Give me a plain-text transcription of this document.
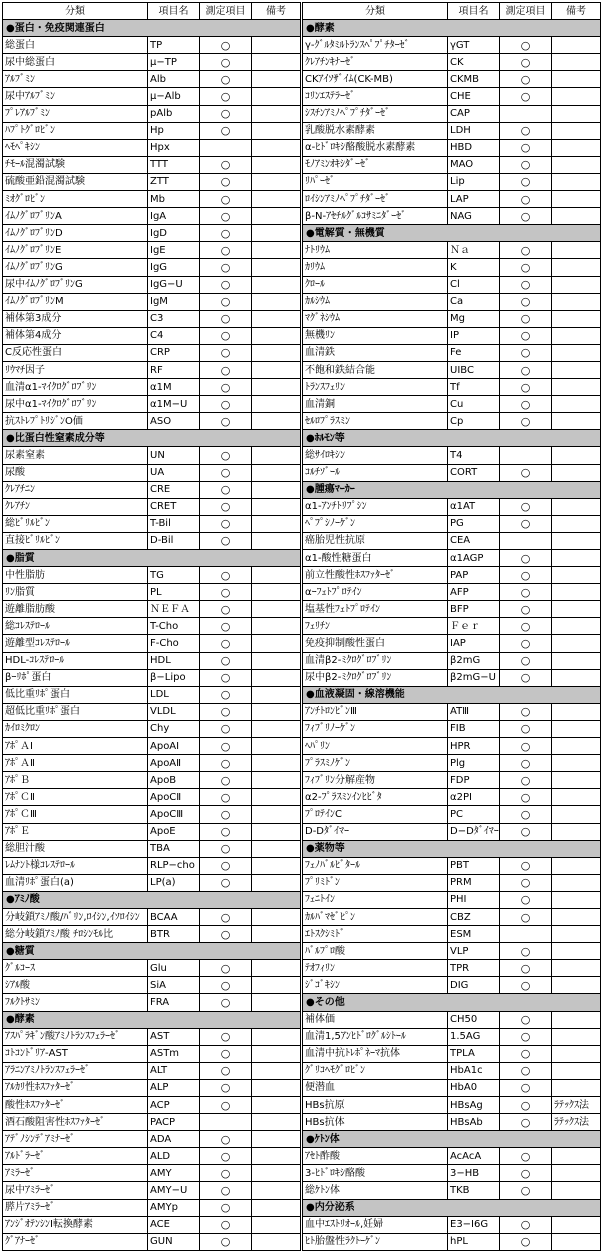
分類	項目名	測定項目	備考
●蛋白・免疫関連蛋白			
総蛋白	TP	○	
尿中総蛋白	μ−TP	○	
ｱﾙﾌﾞﾐﾝ	Alb	○	
尿中ｱﾙﾌﾞﾐﾝ	μ−Alb	○	
ﾌﾟﾚｱﾙﾌﾞﾐﾝ	pAlb	○	
ﾊﾌﾟﾄｸﾞﾛﾋﾞﾝ	Hp	○	
ﾍﾓﾍﾟｷｼﾝ	Hpx		
ﾁﾓｰﾙ混濁試験	TTT	○	
硫酸亜鉛混濁試験	ZTT	○	
ﾐｵｸﾞﾛﾋﾞﾝ	Mb	○	
ｲﾑﾉｸﾞﾛﾌﾞﾘﾝA	IgA	○	
ｲﾑﾉｸﾞﾛﾌﾞﾘﾝD	IgD	○	
ｲﾑﾉｸﾞﾛﾌﾞﾘﾝE	IgE	○	
ｲﾑﾉｸﾞﾛﾌﾞﾘﾝG	IgG	○	
尿中ｲﾑﾉｸﾞﾛﾌﾞﾘﾝG	IgG−U	○	
ｲﾑﾉｸﾞﾛﾌﾞﾘﾝM	IgM	○	
補体第3成分	C3	○	
補体第4成分	C4	○	
C反応性蛋白	CRP	○	
ﾘｳﾏﾁ因子	RF	○	
血清α1-ﾏｲｸﾛｸﾞﾛﾌﾞﾘﾝ	α1M	○	
尿中α1-ﾏｲｸﾛｸﾞﾛﾌﾞﾘﾝ	α1M−U	○	
抗ｽﾄﾚﾌﾟﾄﾘｼﾞﾝO価	ASO	○	
●比蛋白性窒素成分等			
尿素窒素	UN	○	
尿酸	UA	○	
ｸﾚｱﾁﾆﾝ	CRE	○	
ｸﾚｱﾁﾝ	CRET	○	
総ﾋﾞﾘﾙﾋﾞﾝ	T-Bil	○	
直接ﾋﾞﾘﾙﾋﾞﾝ	D-Bil	○	
●脂質			
中性脂肪	TG	○	
ﾘﾝ脂質	PL	○	
遊離脂肪酸	ＮＥＦＡ	○	
総ｺﾚｽﾃﾛｰﾙ	T-Cho	○	
遊離型ｺﾚｽﾃﾛｰﾙ	F-Cho	○	
HDL-ｺﾚｽﾃﾛｰﾙ	HDL	○	
βｰﾘﾎﾟ蛋白	β−Lipo	○	
低比重ﾘﾎﾟ蛋白	LDL	○	
超低比重ﾘﾎﾟ蛋白	VLDL	○	
ｶｲﾛﾐｸﾛﾝ	Chy	○	
ｱﾎﾟＡⅠ	ApoAⅠ	○	
ｱﾎﾟＡⅡ	ApoAⅡ	○	
ｱﾎﾟＢ	ApoB	○	
ｱﾎﾟＣⅡ	ApoCⅡ	○	
ｱﾎﾟＣⅢ	ApoCⅢ	○	
ｱﾎﾟＥ	ApoE	○	
総胆汁酸	TBA	○	
ﾚﾑﾅﾝﾄ様ｺﾚｽﾃﾛｰﾙ	RLP−cho	○	
血清ﾘﾎﾟ蛋白(a)	LP(a)	○	
●ｱﾐﾉ酸			
分岐鎖ｱﾐﾉ酸/ﾊﾞﾘﾝ,ﾛｲｼﾝ,ｲｿﾛｲｼﾝ	BCAA	○	
総分岐鎖ｱﾐﾉ酸 ﾁﾛｼﾝﾓﾙ比	BTR	○	
●糖質			
ｸﾞﾙｺｰｽ	Glu	○	
ｼｱﾙ酸	SiA	○	
ﾌﾙｸﾄｻﾐﾝ	FRA	○	
●酵素			
ｱｽﾊﾟﾗｷﾞﾝ酸ｱﾐﾉﾄﾗﾝｽﾌｪﾗｰｾﾞ	AST	○	
ｺﾄｺﾝﾄﾞﾘｱ-AST	ASTm	○	
ｱﾗﾆﾝｱﾐﾉﾄﾗﾝｽﾌｪﾗｰｾﾞ	ALT	○	
ｱﾙｶﾘ性ﾎｽﾌｧﾀｰｾﾞ	ALP	○	
酸性ﾎｽﾌｧﾀｰｾﾞ	ACP	○	
酒石酸阻害性ﾎｽﾌｧﾀｰｾﾞ	PACP		
ｱﾃﾞﾉｼﾝﾃﾞｱﾐﾅｰｾﾞ	ADA	○	
ｱﾙﾄﾞﾗｰｾﾞ	ALD	○	
ｱﾐﾗｰｾﾞ	AMY	○	
尿中ｱﾐﾗｰｾﾞ	AMY−U	○	
膵片ｱﾐﾗｰｾﾞ	AMYp	○	
ｱﾝｼﾞｵﾃﾝｼﾝⅠ転換酵素	ACE	○	
ｸﾞｱﾅｰｾﾞ	GUN	○	
分類	項目名	測定項目	備考
●酵素			
γ-ｸﾞﾙﾀﾐﾙﾄﾗﾝｽﾍﾟﾌﾟﾁﾀｰｾﾞ	γGT	○	
ｸﾚｱﾁﾝｷﾅｰｾﾞ	CK	○	
CKｱｲｿｻﾞｲﾑ(CK-MB)	CKMB	○	
ｺﾘﾝｴｽﾃﾗｰｾﾞ	CHE	○	
ｼｽﾁﾝｱﾐﾉﾍﾟﾌﾟﾁﾀﾞｰｾﾞ	CAP		
乳酸脱水素酵素	LDH	○	
α-ﾋﾄﾞﾛｷｼ酪酸脱水素酵素	HBD	○	
ﾓﾉｱﾐﾝｵｷｼﾀﾞｰｾﾞ	MAO	○	
ﾘﾊﾟｰｾﾞ	Lip	○	
ﾛｲｼﾝｱﾐﾉﾍﾟﾌﾟﾁﾀﾞｰｾﾞ	LAP	○	
β-N-ｱｾﾁﾙｸﾞﾙｺｻﾐﾆﾀﾞｰｾﾞ	NAG	○	
●電解質・無機質			
ﾅﾄﾘｳﾑ	Ｎａ	○	
ｶﾘｳﾑ	K	○	
ｸﾛｰﾙ	Cl	○	
ｶﾙｼｳﾑ	Ca	○	
ﾏｸﾞﾈｼｳﾑ	Mg	○	
無機ﾘﾝ	IP	○	
血清鉄	Fe	○	
不飽和鉄結合能	UIBC	○	
ﾄﾗﾝｽﾌｪﾘﾝ	Tf	○	
血清銅	Cu	○	
ｾﾙﾛﾌﾟﾗｽﾐﾝ	Cp	○	
●ﾎﾙﾓﾝ等			
総ｻｲﾛｷｼﾝ	T4		
ｺﾙﾁｿﾞｰﾙ	CORT	○	
●腫瘍ﾏｰｶｰ			
α1-ｱﾝﾁﾄﾘﾌﾟｼﾝ	α1AT	○	
ﾍﾟﾌﾟｼﾉｰｹﾞﾝ	PG	○	
癌胎児性抗原	CEA		
α1-酸性糖蛋白	α1AGP	○	
前立性酸性ﾎｽﾌｧﾀｰｾﾞ	PAP	○	
αｰﾌｪﾄﾌﾟﾛﾃｲﾝ	AFP	○	
塩基性ﾌｪﾄﾌﾟﾛﾃｲﾝ	BFP	○	
ﾌｪﾘﾁﾝ	Ｆｅｒ	○	
免疫抑制酸性蛋白	IAP	○	
血清β2-ﾐｸﾛｸﾞﾛﾌﾞﾘﾝ	β2mG	○	
尿中β2-ﾐｸﾛｸﾞﾛﾌﾞﾘﾝ	β2mG−U	○	
●血液凝固・線溶機能			
ｱﾝﾁﾄﾛﾝﾋﾞﾝⅢ	ATⅢ	○	
ﾌｨﾌﾞﾘﾉｰｹﾞﾝ	FIB	○	
ﾍﾊﾟﾘﾝ	HPR	○	
ﾌﾟﾗｽﾐﾉｹﾞﾝ	Plg	○	
ﾌｨﾌﾞﾘﾝ分解産物	FDP	○	
α2-ﾌﾟﾗｽﾐﾝｲﾝﾋﾋﾞﾀ	α2PI	○	
ﾌﾟﾛﾃｲﾝC	PC	○	
D-Dﾀﾞｲﾏｰ	D−Dﾀﾞｲﾏｰ	○	
●薬物等			
ﾌｪﾉﾊﾞﾙﾋﾞﾀｰﾙ	PBT	○	
ﾌﾟﾘﾐﾄﾞﾝ	PRM	○	
ﾌｪﾆﾄｲﾝ	PHI	○	
ｶﾙﾊﾞﾏｾﾞﾋﾟﾝ	CBZ	○	
ｴﾄｽｸｼﾐﾄﾞ	ESM		
ﾊﾞﾙﾌﾟﾛ酸	VLP	○	
ﾃｵﾌｨﾘﾝ	TPR	○	
ｼﾞｺﾞｷｼﾝ	DIG	○	
●その他			
補体価	CH50	○	
血清1,5ｱﾝﾋﾄﾞﾛｸﾞﾙｼﾄｰﾙ	1.5AG	○	
血清中抗ﾄﾚﾎﾟﾈｰﾏ抗体	TPLA	○	
ｸﾞﾘｺﾍﾓｸﾞﾛﾋﾞﾝ	HbA1c	○	
便潜血	HbA0	○	
HBs抗原	HBsAg	○	ﾗﾃｯｸｽ法
HBs抗体	HBsAb	○	ﾗﾃｯｸｽ法
●ｹﾄﾝ体			
ｱｾﾄ酢酸	AcAcA	○	
3-ﾋﾄﾞﾛｷｼ酪酸	3−HB	○	
総ｹﾄﾝ体	TKB	○	
●内分泌系			
血中ｴｽﾄﾘｵｰﾙ,妊婦	E3−I6G	○	
ﾋﾄ胎盤性ﾗｸﾄｰｹﾞﾝ	hPL	○	
